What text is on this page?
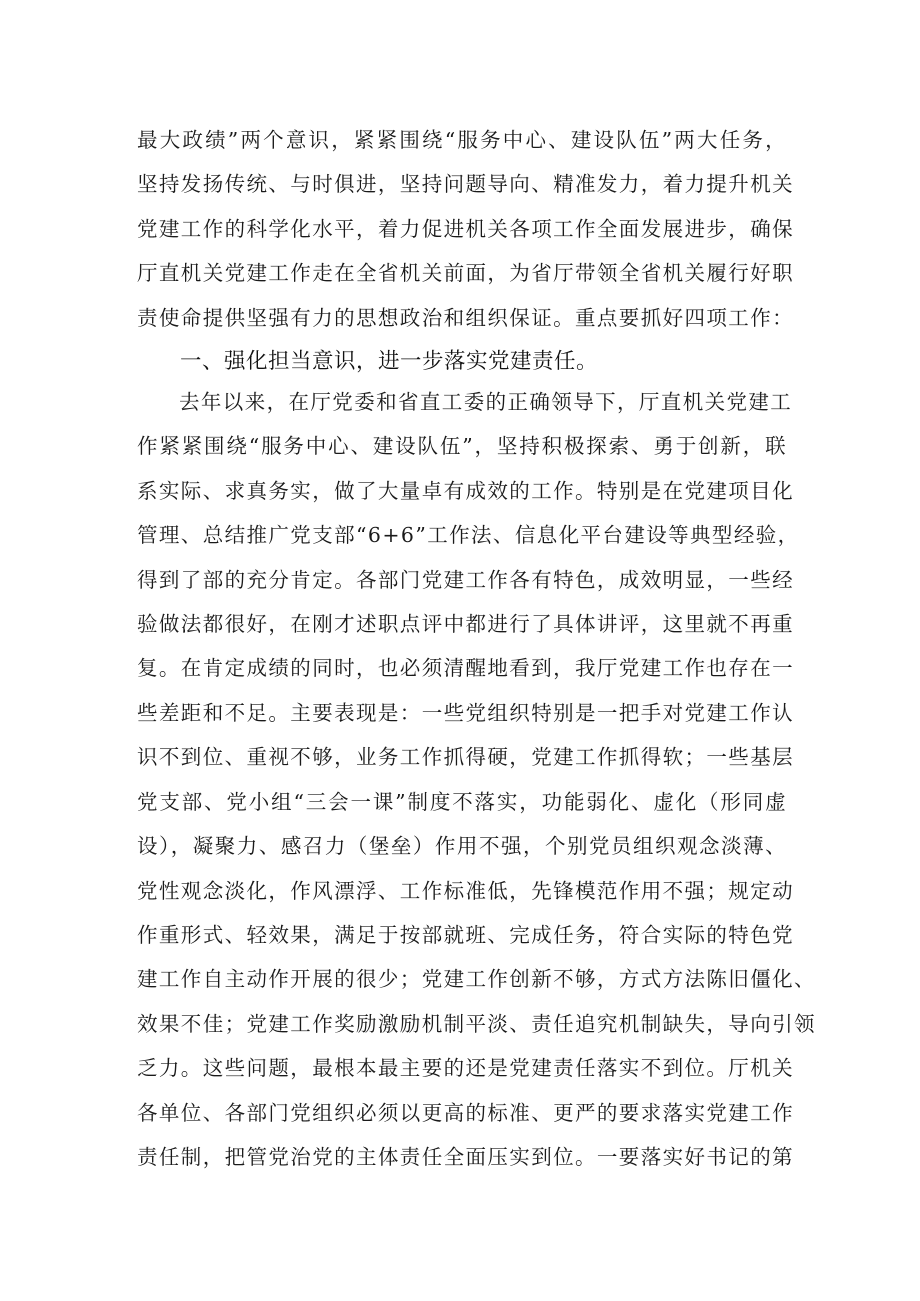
最大政绩”两个意识，紧紧围绕“服务中心、建设队伍”两大任务，
坚持发扬传统、与时俱进，坚持问题导向、精准发力，着力提升机关
党建工作的科学化水平，着力促进机关各项工作全面发展进步，确保
厅直机关党建工作走在全省机关前面，为省厅带领全省机关履行好职
责使命提供坚强有力的思想政治和组织保证。重点要抓好四项工作：
一、强化担当意识，进一步落实党建责任。
去年以来，在厅党委和省直工委的正确领导下，厅直机关党建工
作紧紧围绕“服务中心、建设队伍”，坚持积极探索、勇于创新，联
系实际、求真务实，做了大量卓有成效的工作。特别是在党建项目化
管理、总结推广党支部“6+6”工作法、信息化平台建设等典型经验，
得到了部的充分肯定。各部门党建工作各有特色，成效明显，一些经
验做法都很好，在刚才述职点评中都进行了具体讲评，这里就不再重
复。在肯定成绩的同时，也必须清醒地看到，我厅党建工作也存在一
些差距和不足。主要表现是：一些党组织特别是一把手对党建工作认
识不到位、重视不够，业务工作抓得硬，党建工作抓得软；一些基层
党支部、党小组“三会一课”制度不落实，功能弱化、虚化（形同虚
设），凝聚力、感召力（堡垒）作用不强，个别党员组织观念淡薄、
党性观念淡化，作风漂浮、工作标准低，先锋模范作用不强；规定动
作重形式、轻效果，满足于按部就班、完成任务，符合实际的特色党
建工作自主动作开展的很少；党建工作创新不够，方式方法陈旧僵化、
效果不佳；党建工作奖励激励机制平淡、责任追究机制缺失，导向引领
乏力。这些问题，最根本最主要的还是党建责任落实不到位。厅机关
各单位、各部门党组织必须以更高的标准、更严的要求落实党建工作
责任制，把管党治党的主体责任全面压实到位。一要落实好书记的第
